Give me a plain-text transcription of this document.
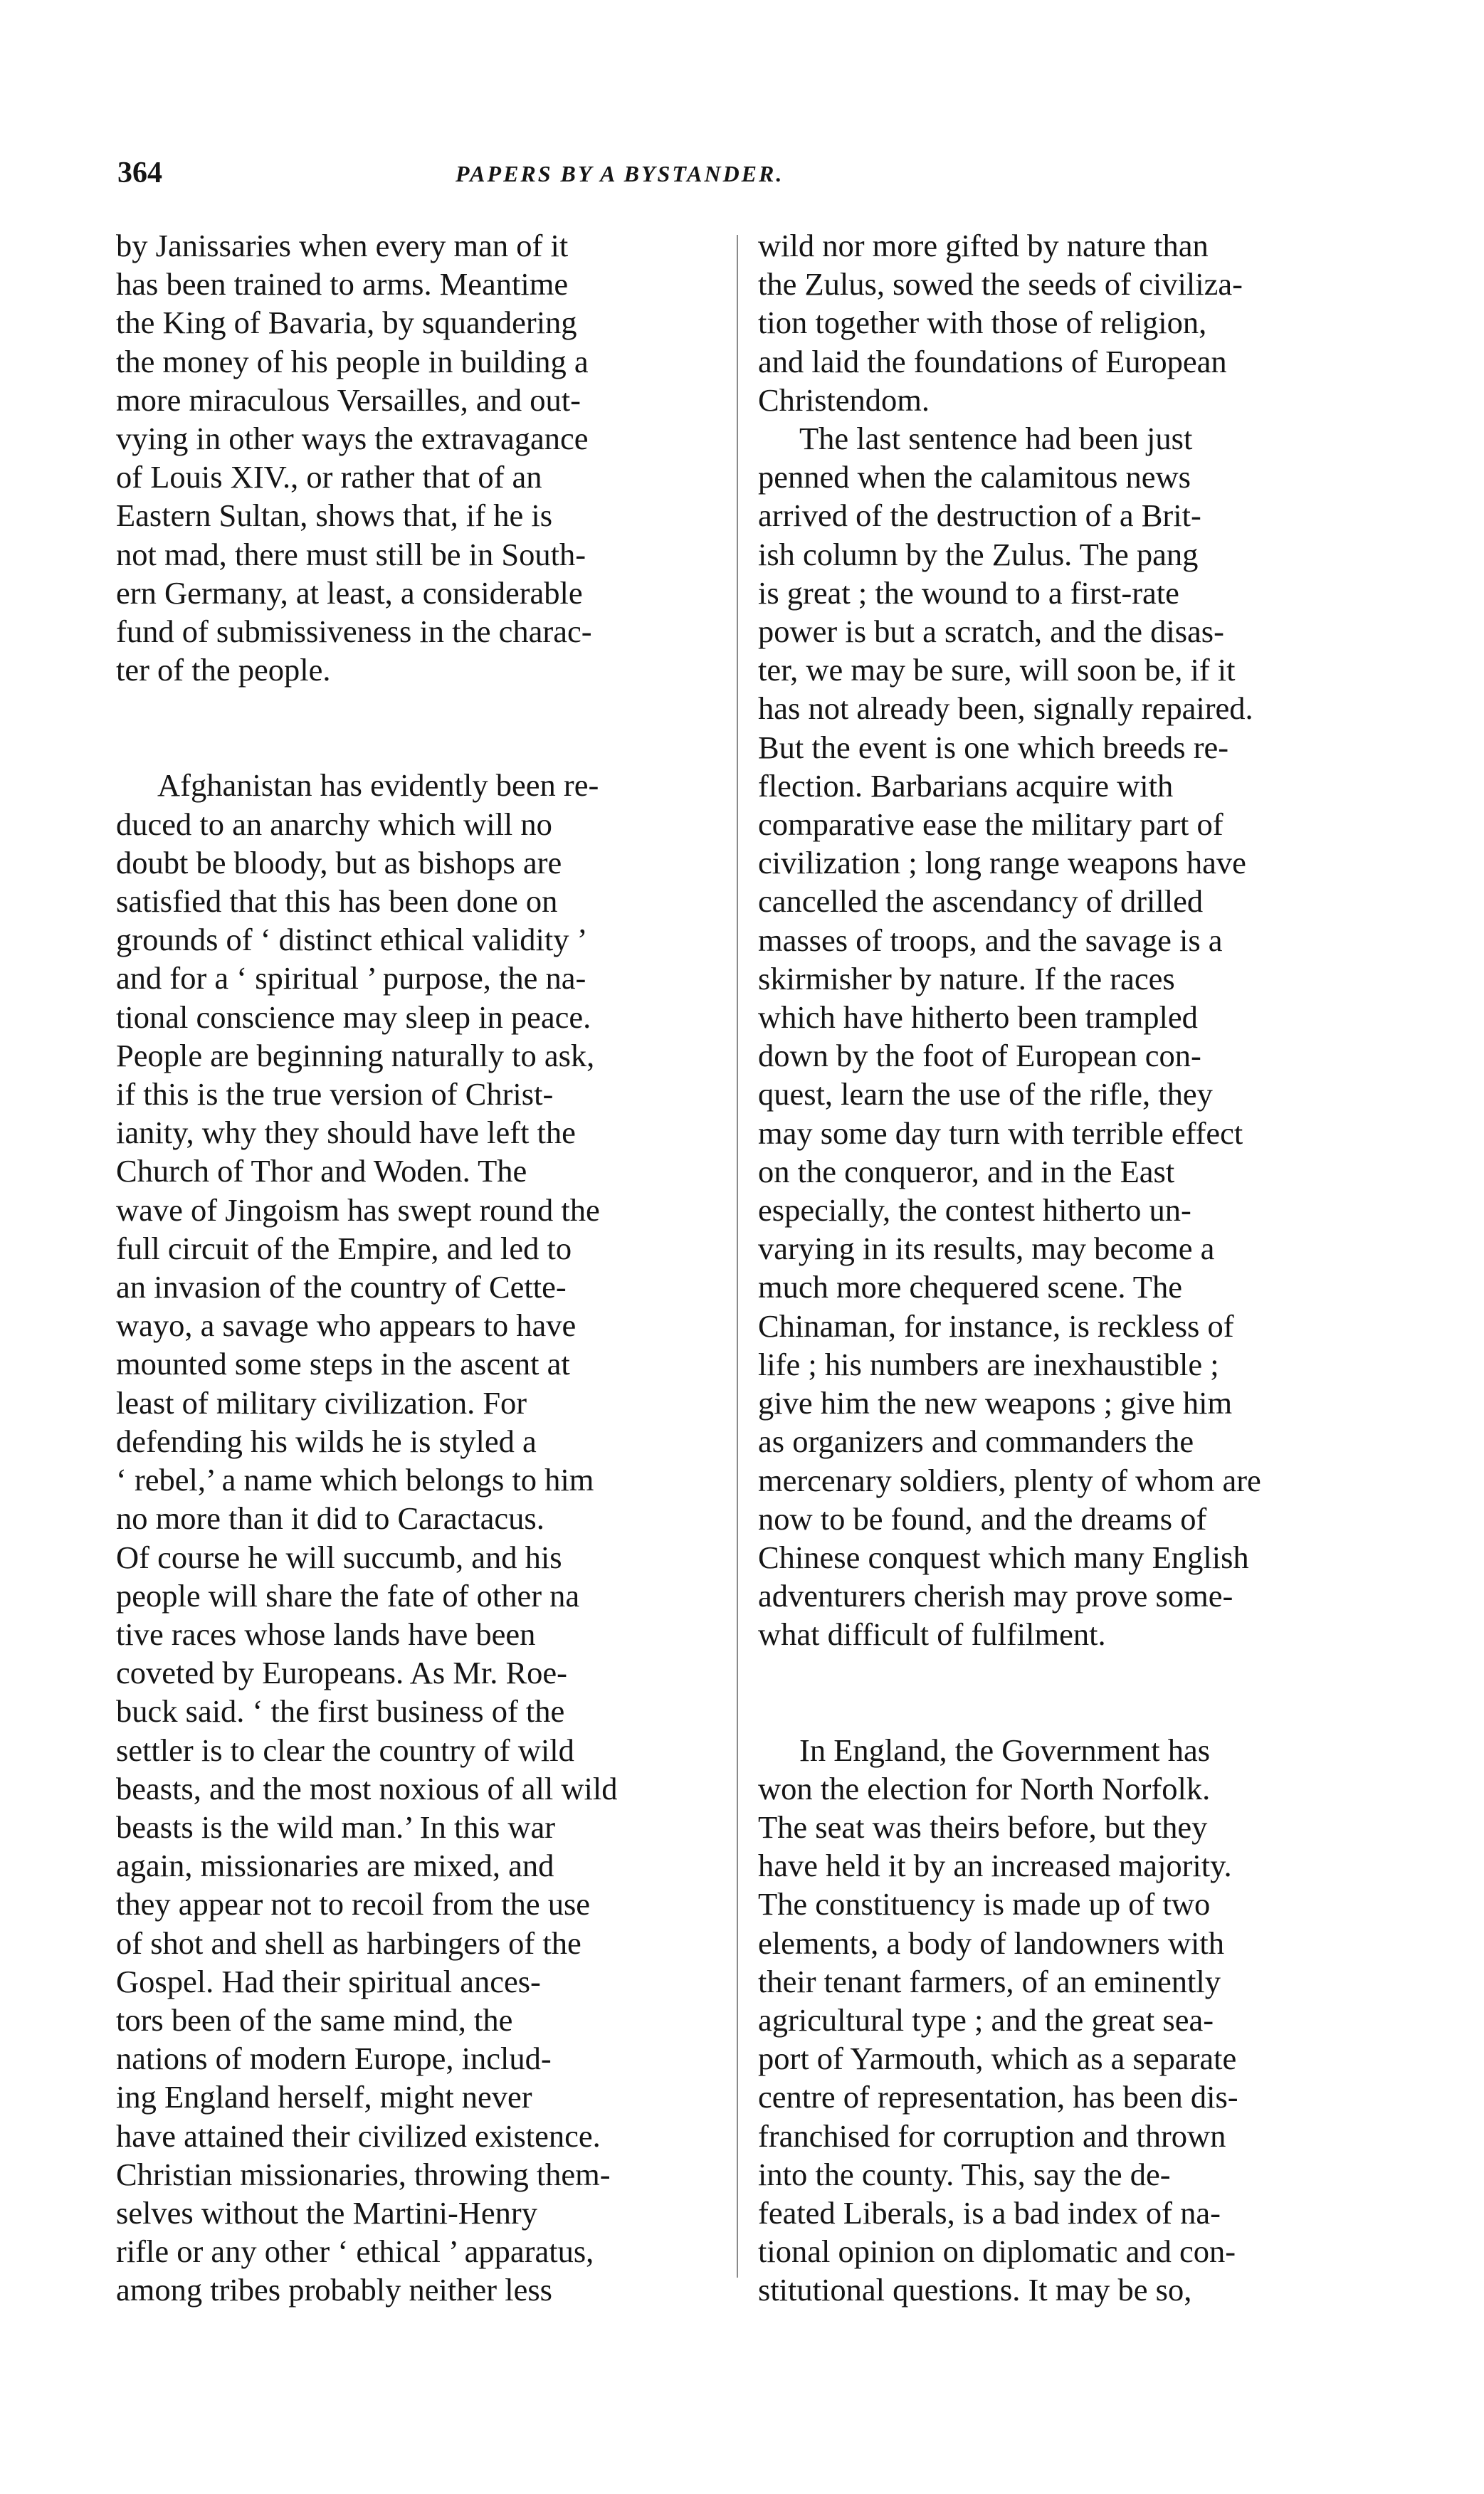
364	PAPERS BY A BYSTANDER.
by Janissaries when every man of it
has been trained to arms. Meantime
the King of Bavaria, by squandering
the money of his people in building a
more miraculous Versailles, and out-
vying in other ways the extravagance
of Louis XIV., or rather that of an
Eastern Sultan, shows that, if he is
not mad, there must still be in South-
ern Germany, at least, a considerable
fund of submissiveness in the charac-
ter of the people.
Afghanistan has evidently been re-
duced to an anarchy which will no
doubt be bloody, but as bishops are
satisfied that this has been done on
grounds of ‘ distinct ethical validity ’
and for a ‘ spiritual ’ purpose, the na-
tional conscience may sleep in peace.
People are beginning naturally to ask,
if this is the true version of Christ-
ianity, why they should have left the
Church of Thor and Woden. The
wave of Jingoism has swept round the
full circuit of the Empire, and led to
an invasion of the country of Cette-
wayo, a savage who appears to have
mounted some steps in the ascent at
least of military civilization. For
defending his wilds he is styled a
‘ rebel,’ a name which belongs to him
no more than it did to Caractacus.
Of course he will succumb, and his
people will share the fate of other na
tive races whose lands have been
coveted by Europeans. As Mr. Roe-
buck said. ‘ the first business of the
settler is to clear the country of wild
beasts, and the most noxious of all wild
beasts is the wild man.’ In this war
again, missionaries are mixed, and
they appear not to recoil from the use
of shot and shell as harbingers of the
Gospel. Had their spiritual ances-
tors been of the same mind, the
nations of modern Europe, includ-
ing England herself, might never
have attained their civilized existence.
Christian missionaries, throwing them-
selves without the Martini-Henry
rifle or any other ‘ ethical ’ apparatus,
among tribes probably neither less
wild nor more gifted by nature than
the Zulus, sowed the seeds of civiliza-
tion together with those of religion,
and laid the foundations of European
Christendom.
The last sentence had been just
penned when the calamitous news
arrived of the destruction of a Brit-
ish column by the Zulus. The pang
is great ; the wound to a first-rate
power is but a scratch, and the disas-
ter, we may be sure, will soon be, if it
has not already been, signally repaired.
But the event is one which breeds re-
flection. Barbarians acquire with
comparative ease the military part of
civilization ; long range weapons have
cancelled the ascendancy of drilled
masses of troops, and the savage is a
skirmisher by nature. If the races
which have hitherto been trampled
down by the foot of European con-
quest, learn the use of the rifle, they
may some day turn with terrible effect
on the conqueror, and in the East
especially, the contest hitherto un-
varying in its results, may become a
much more chequered scene. The
Chinaman, for instance, is reckless of
life ; his numbers are inexhaustible ;
give him the new weapons ; give him
as organizers and commanders the
mercenary soldiers, plenty of whom are
now to be found, and the dreams of
Chinese conquest which many English
adventurers cherish may prove some-
what difficult of fulfilment.
In England, the Government has
won the election for North Norfolk.
The seat was theirs before, but they
have held it by an increased majority.
The constituency is made up of two
elements, a body of landowners with
their tenant farmers, of an eminently
agricultural type ; and the great sea-
port of Yarmouth, which as a separate
centre of representation, has been dis-
franchised for corruption and thrown
into the county. This, say the de-
feated Liberals, is a bad index of na-
tional opinion on diplomatic and con-
stitutional questions. It may be so,
